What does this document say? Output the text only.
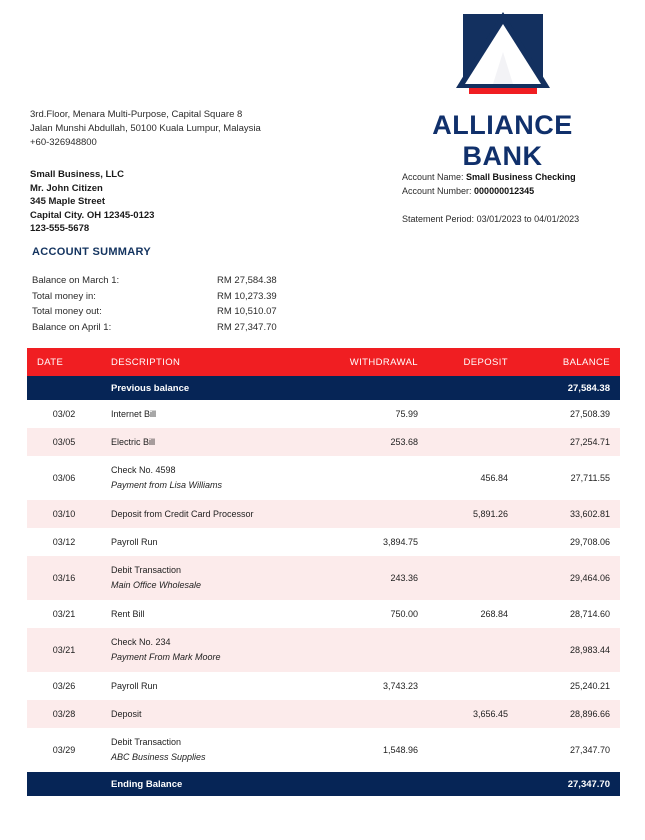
ALLIANCE BANK
3rd.Floor, Menara Multi-Purpose, Capital Square 8
Jalan Munshi Abdullah, 50100 Kuala Lumpur, Malaysia
+60-326948800
Small Business, LLC
Mr. John Citizen
345 Maple Street
Capital City. OH 12345-0123
123-555-5678
Account Name: Small Business Checking
Account Number: 000000012345
Statement Period: 03/01/2023 to 04/01/2023
ACCOUNT SUMMARY
Balance on March 1:	RM 27,584.38
Total money in:	RM 10,273.39
Total money out:	RM 10,510.07
Balance on April 1:	RM 27,347.70
DATE	DESCRIPTION	WITHDRAWAL	DEPOSIT	BALANCE
	Previous balance			27,584.38
03/02	Internet Bill	75.99		27,508.39

03/05	Electric Bill	253.68		27,254.71

03/06	Check No. 4598
Payment from Lisa Williams		456.84	27,711.55

03/10	Deposit from Credit Card Processor		5,891.26	33,602.81

03/12	Payroll Run	3,894.75		29,708.06

03/16	Debit Transaction
Main Office Wholesale	243.36		29,464.06

03/21	Rent Bill	750.00	268.84	28,714.60

03/21	Check No. 234
Payment From Mark Moore			28,983.44

03/26	Payroll Run	3,743.23		25,240.21

03/28	Deposit		3,656.45	28,896.66

03/29	Debit Transaction
ABC Business Supplies	1,548.96		27,347.70

	Ending Balance			27,347.70
